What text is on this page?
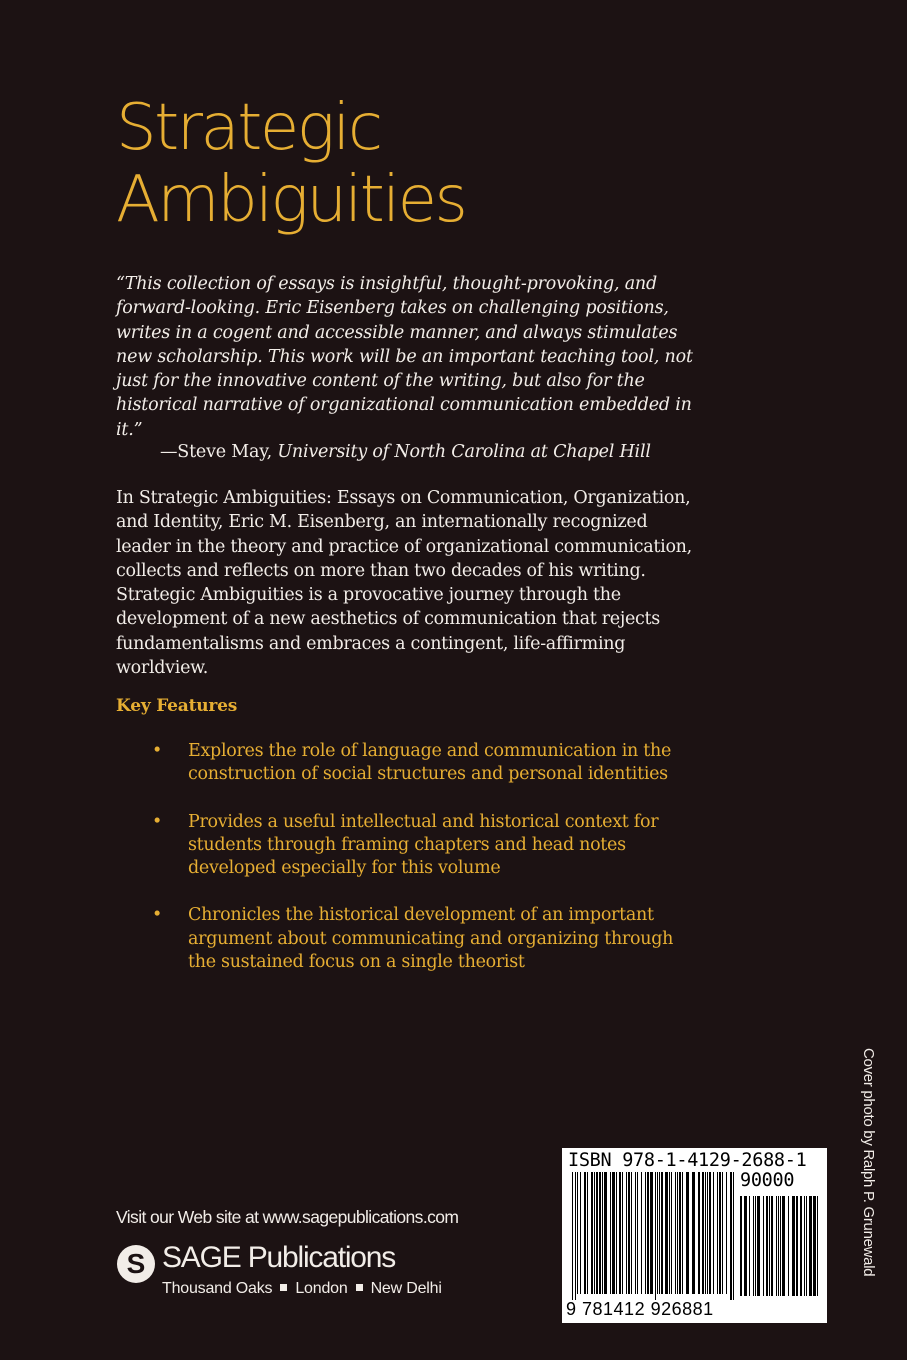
Strategic
Ambiguities

“This collection of essays is insightful, thought-provoking, and forward-looking. Eric Eisenberg takes on challenging positions, writes in a cogent and accessible manner, and always stimulates new scholarship. This work will be an important teaching tool, not just for the innovative content of the writing, but also for the historical narrative of organizational communication embedded in it.”

—Steve May, University of North Carolina at Chapel Hill

In Strategic Ambiguities: Essays on Communication, Organization, and Identity, Eric M. Eisenberg, an internationally recognized leader in the theory and practice of organizational communication, collects and reflects on more than two decades of his writing. Strategic Ambiguities is a provocative journey through the development of a new aesthetics of communication that rejects fundamentalisms and embraces a contingent, life-affirming worldview.

Key Features
• Explores the role of language and communication in the construction of social structures and personal identities
• Provides a useful intellectual and historical context for students through framing chapters and head notes developed especially for this volume
• Chronicles the historical development of an important argument about communicating and organizing through the sustained focus on a single theorist
Cover photo by Ralph P. Grunewald
ISBN 978-1-4129-2688-1
90000
9 781412 926881
Visit our Web site at www.sagepublications.com
S SAGE Publications
Thousand Oaks London New Delhi
